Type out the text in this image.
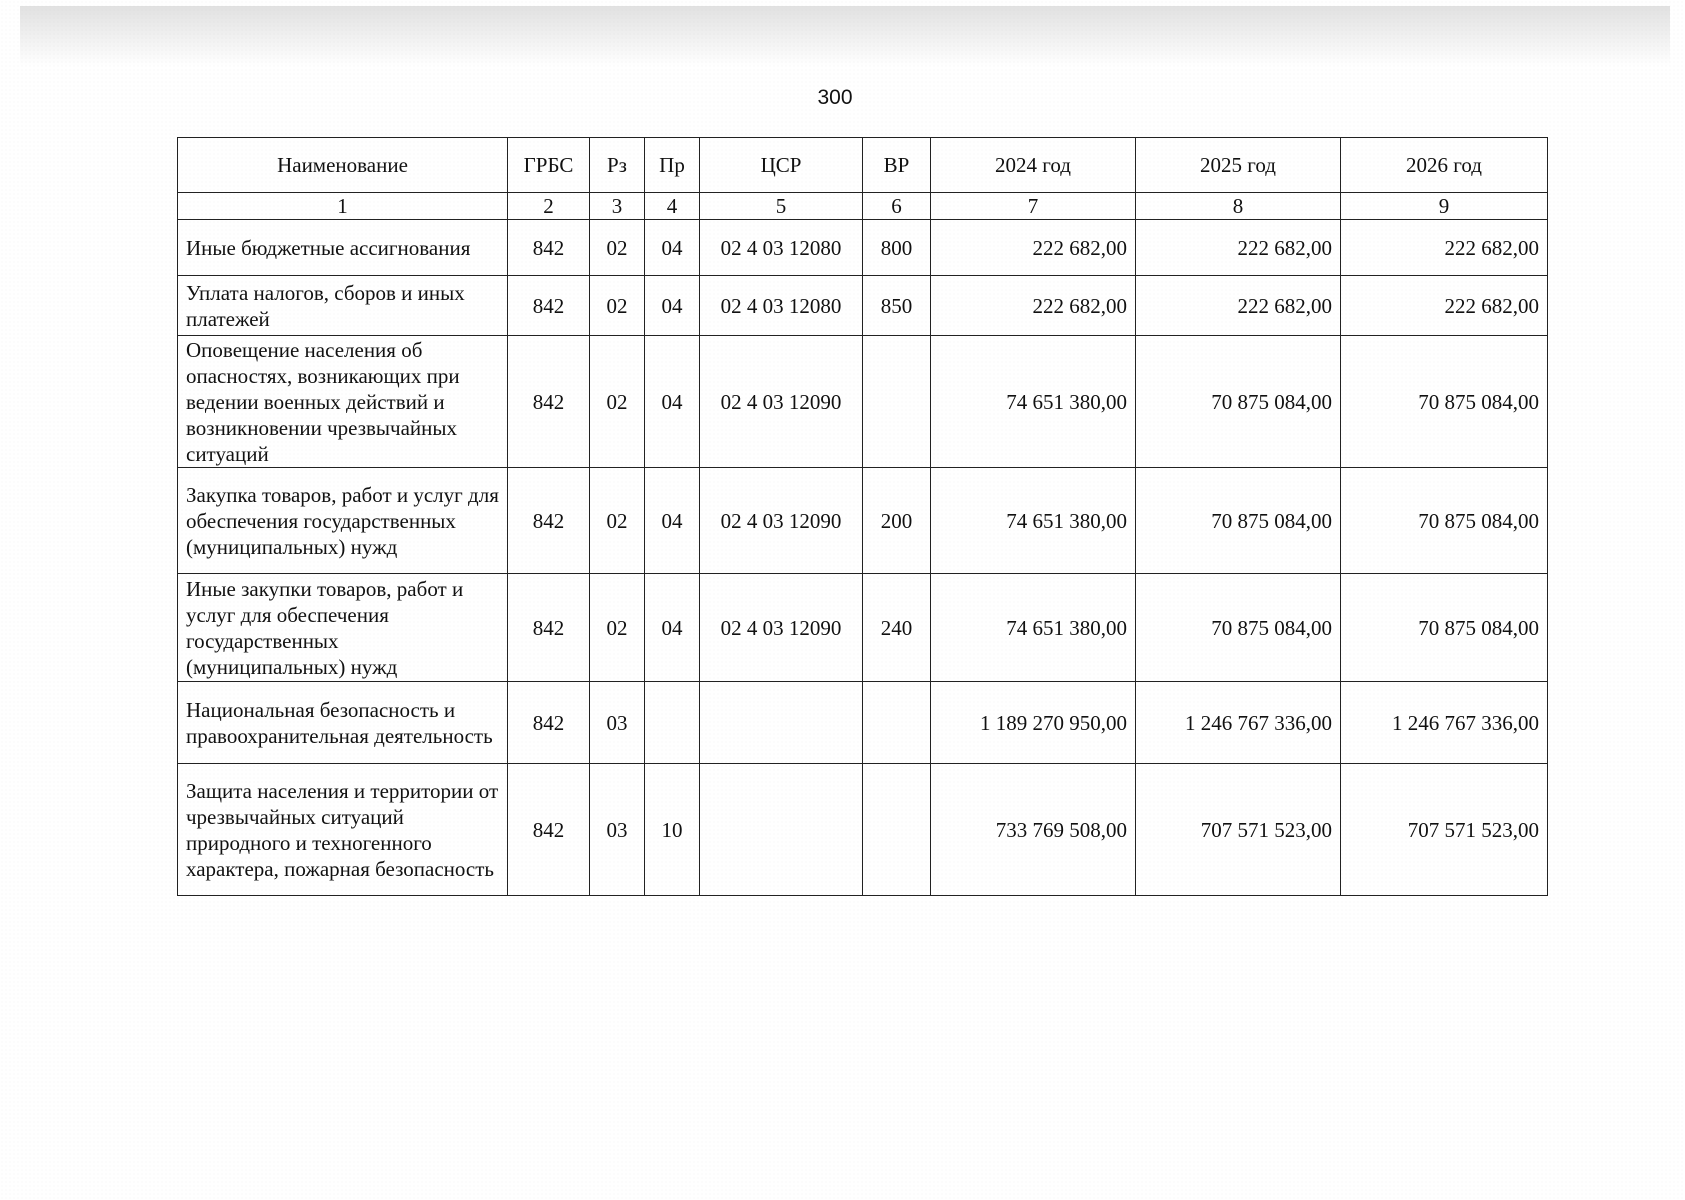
300
Наименование	ГРБС	Рз	Пр	ЦСР	ВР	2024 год	2025 год	2026 год
1	2	3	4	5	6	7	8	9
Иные бюджетные ассигнования	842	02	04	02 4 03 12080	800	222 682,00	222 682,00	222 682,00
Уплата налогов, сборов и иных платежей	842	02	04	02 4 03 12080	850	222 682,00	222 682,00	222 682,00
Оповещение населения об опасностях, возникающих при ведении военных действий и возникновении чрезвычайных ситуаций	842	02	04	02 4 03 12090		74 651 380,00	70 875 084,00	70 875 084,00
Закупка товаров, работ и услуг для обеспечения государственных (муниципальных) нужд	842	02	04	02 4 03 12090	200	74 651 380,00	70 875 084,00	70 875 084,00
Иные закупки товаров, работ и услуг для обеспечения государственных (муниципальных) нужд	842	02	04	02 4 03 12090	240	74 651 380,00	70 875 084,00	70 875 084,00
Национальная безопасность и правоохранительная деятельность	842	03				1 189 270 950,00	1 246 767 336,00	1 246 767 336,00
Защита населения и территории от чрезвычайных ситуаций природного и техногенного характера, пожарная безопасность	842	03	10			733 769 508,00	707 571 523,00	707 571 523,00
